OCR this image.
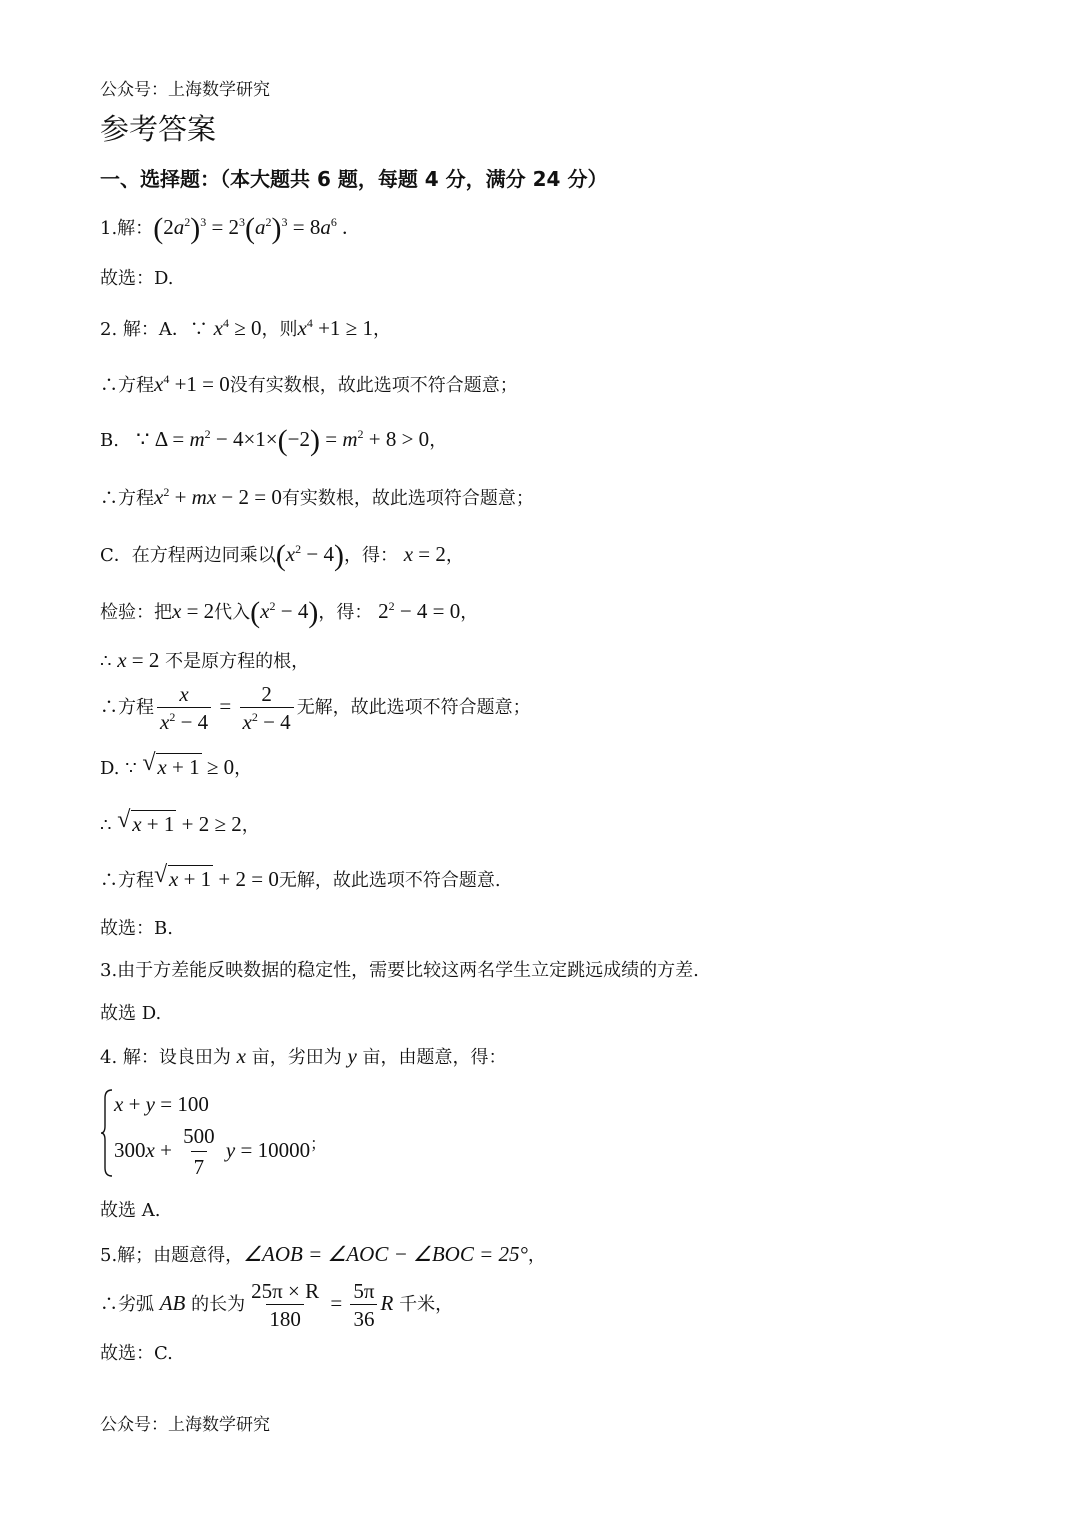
公众号：上海数学研究
参考答案
一、选择题：（本大题共 6 题，每题 4 分，满分 24 分）
1.解：$(2a^2)^3 = 2^3(a^2)^3 = 8a^6$ .
故选：D.
2. 解：A．∵ $x^4 \ge 0$，则$x^4 +1 \ge 1$，
∴方程$x^4 +1 = 0$没有实数根，故此选项不符合题意；
B. ∵ $\Delta = m^2 - 4\times 1\times(-2) = m^2 + 8 > 0$，
∴方程$x^2$ + mx − 2 = 0有实数根，故此选项符合题意；
C．在方程两边同乘以$(x^2 - 4)$，得： x = 2，
检验：把x = 2代入$(x^2 - 4)$，得： $2^2 - 4 = 0$，
∴ x = 2 不是原方程的根，
∴方程 $\frac{x}{x^2 - 4} = \frac{2}{x^2 - 4}$ 无解，故此选项不符合题意；
D. ∵ √ x + 1 ≥ 0，
∴ √ x + 1 + 2 ≥ 2，
∴方程 √ x + 1 + 2 = 0无解，故此选项不符合题意.
故选：B.
3.由于方差能反映数据的稳定性，需要比较这两名学生立定跳远成绩的方差.
故选 D.
4. 解：设良田为 x 亩，劣田为 y 亩，由题意，得：
x + y = 100
$300x + \frac{500}{7}$ y = 10000；
故选 A.
5.解；由题意得，∠AOB = ∠AOC − ∠BOC = 25°，
∴劣弧 AB 的长为 $\frac{25\pi \times R}{180} = \frac{5\pi}{36}$ R 千米，
故选：C.
公众号：上海数学研究
